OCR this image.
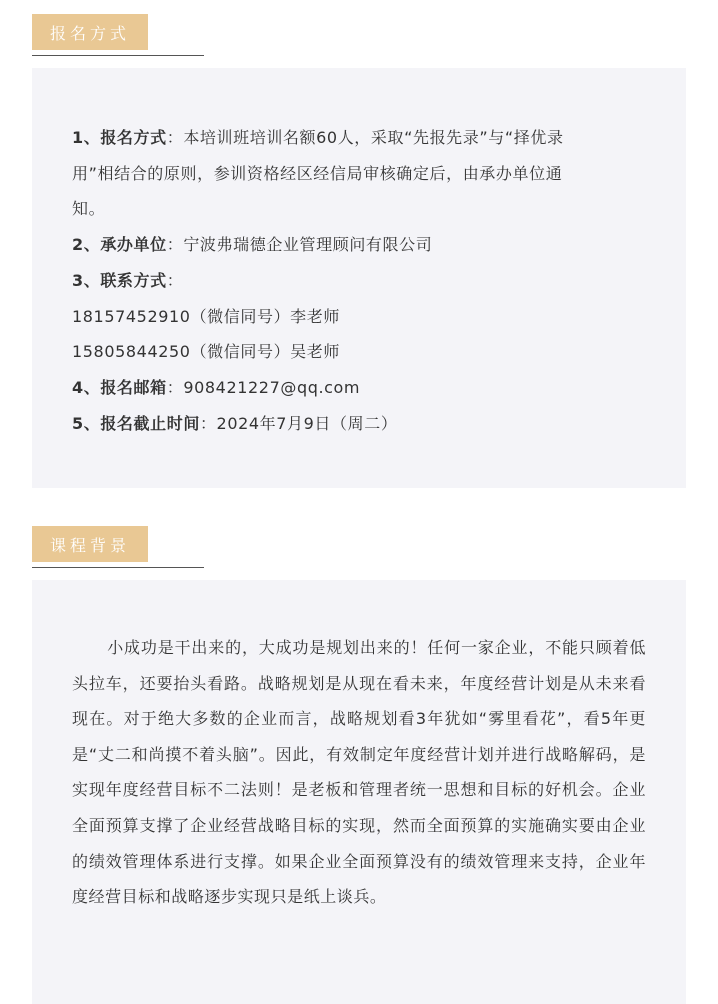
报名方式
1、报名方式：本培训班培训名额60人，采取“先报先录”与“择优录
用”相结合的原则，参训资格经区经信局审核确定后，由承办单位通
知。
2、承办单位：宁波弗瑞德企业管理顾问有限公司
3、联系方式：
18157452910（微信同号）李老师
15805844250（微信同号）吴老师
4、报名邮箱：908421227@qq.com
5、报名截止时间：2024年7月9日（周二）
课程背景

小成功是干出来的，大成功是规划出来的！任何一家企业，不能只顾着低头拉车，还要抬头看路。战略规划是从现在看未来，年度经营计划是从未来看现在。对于绝大多数的企业而言，战略规划看3年犹如“雾里看花”，看5年更是“丈二和尚摸不着头脑”。因此，有效制定年度经营计划并进行战略解码，是实现年度经营目标不二法则！是老板和管理者统一思想和目标的好机会。企业全面预算支撑了企业经营战略目标的实现，然而全面预算的实施确实要由企业的绩效管理体系进行支撑。如果企业全面预算没有的绩效管理来支持，企业年度经营目标和战略逐步实现只是纸上谈兵。
